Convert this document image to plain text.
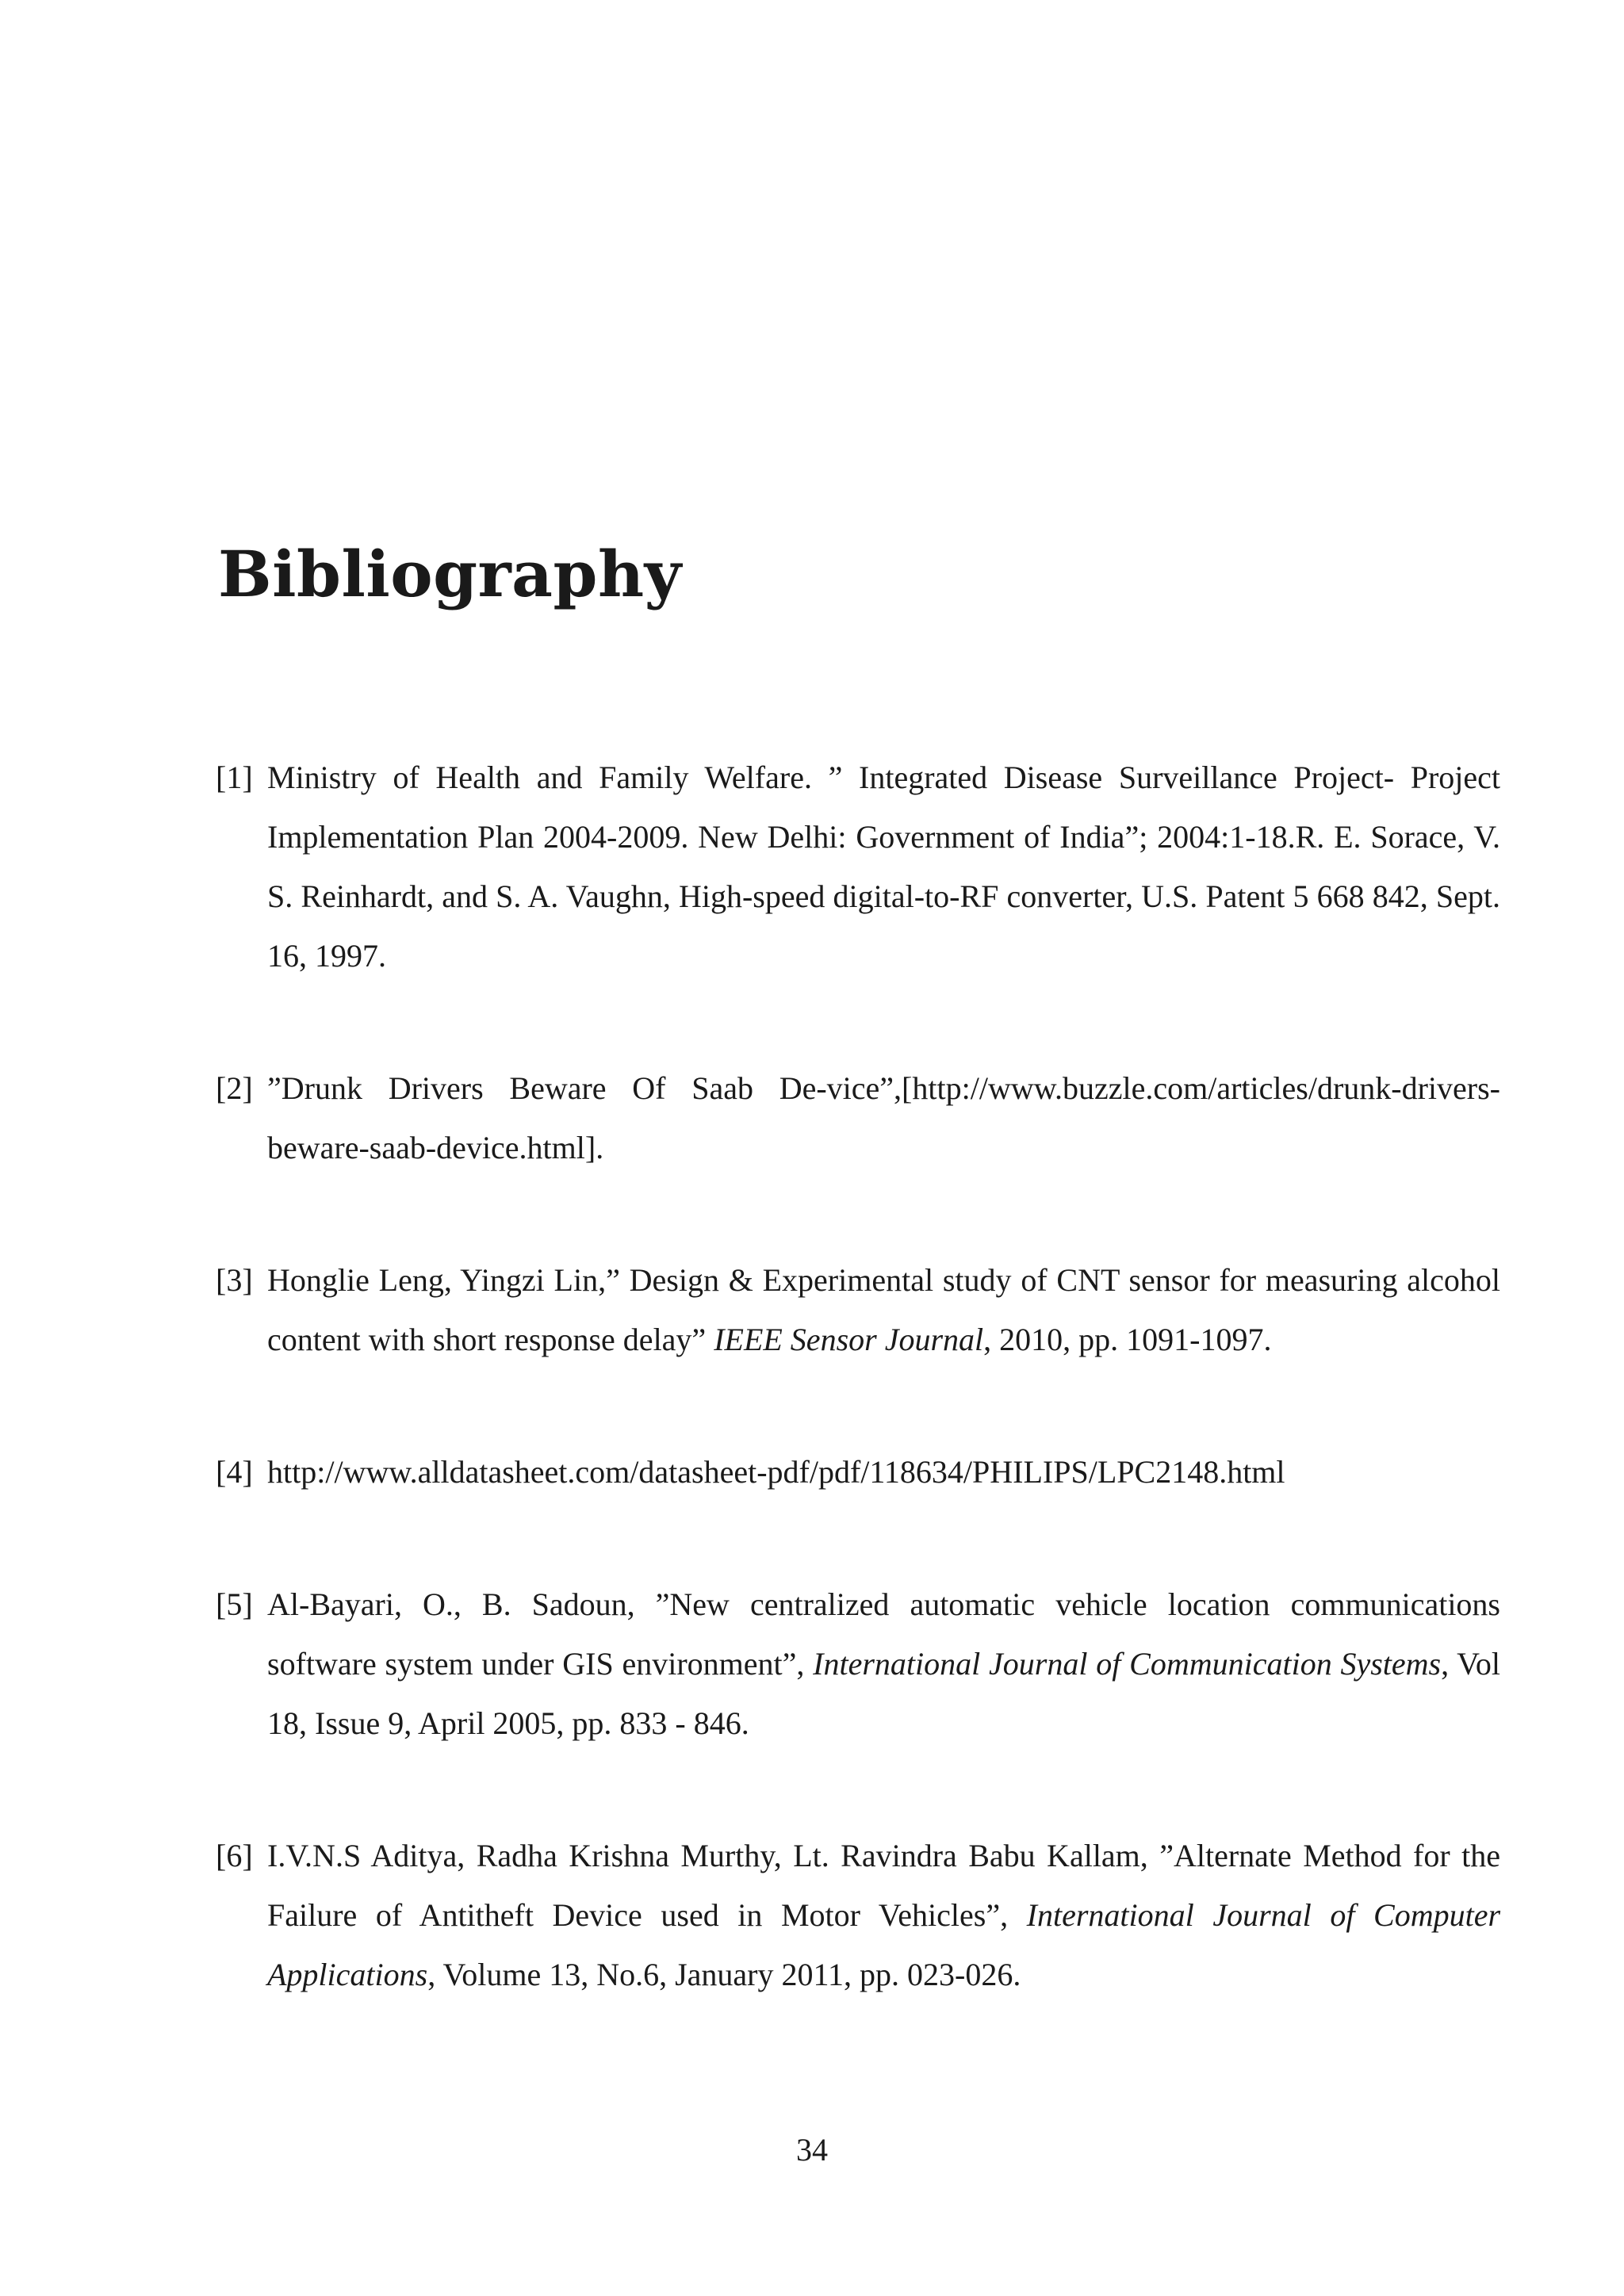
Bibliography
[1] Ministry of Health and Family Welfare. ” Integrated Disease Surveillance Project- Project Implementation Plan 2004-2009. New Delhi: Government of India”; 2004:1-18.R. E. Sorace, V. S. Reinhardt, and S. A. Vaughn, High-speed digital-to-RF converter, U.S. Patent 5 668 842, Sept. 16, 1997.
[2] ”Drunk Drivers Beware Of Saab De-vice”,[http://www.buzzle.com/articles/drunk-drivers-beware-saab-device.html].
[3] Honglie Leng, Yingzi Lin,” Design & Experimental study of CNT sensor for measuring alcohol content with short response delay” IEEE Sensor Journal, 2010, pp. 1091-1097.
[4] http://www.alldatasheet.com/datasheet-pdf/pdf/118634/PHILIPS/LPC2148.html
[5] Al-Bayari, O., B. Sadoun, ”New centralized automatic vehicle location communications software system under GIS environment”, International Journal of Communication Systems, Vol 18, Issue 9, April 2005, pp. 833 - 846.
[6] I.V.N.S Aditya, Radha Krishna Murthy, Lt. Ravindra Babu Kallam, ”Alternate Method for the Failure of Antitheft Device used in Motor Vehicles”, International Journal of Computer Applications, Volume 13, No.6, January 2011, pp. 023-026.
34
